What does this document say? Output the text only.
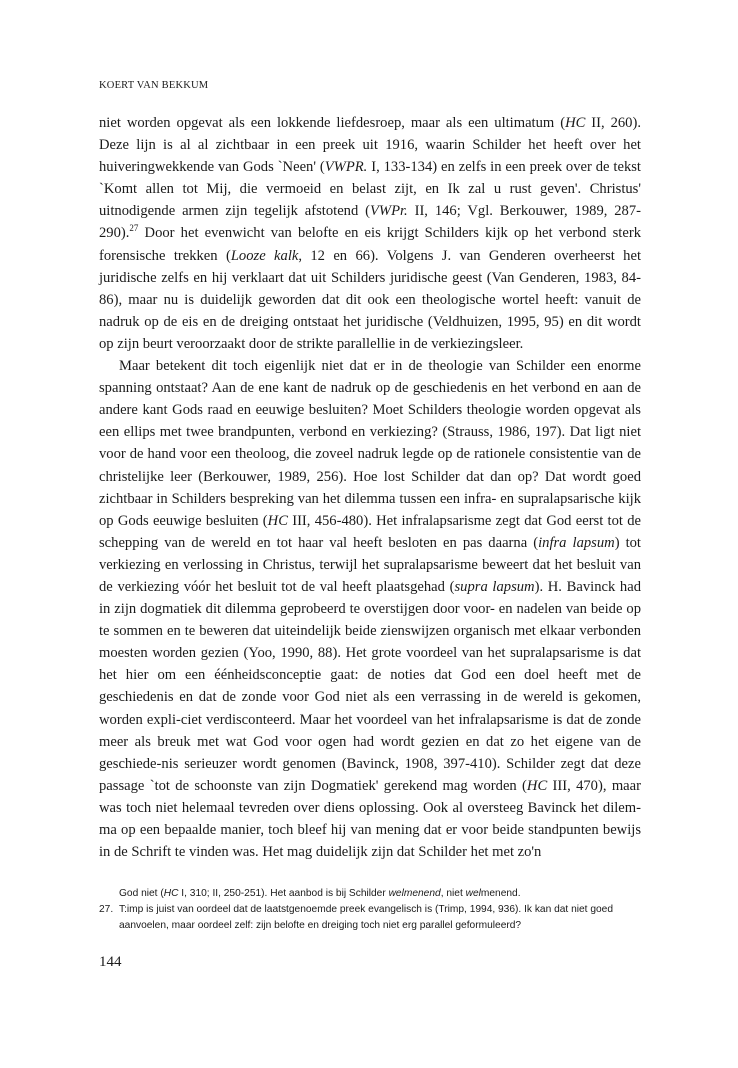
KOERT VAN BEKKUM

niet worden opgevat als een lokkende liefdesroep, maar als een ultimatum (HC II, 260). Deze lijn is al al zichtbaar in een preek uit 1916, waarin Schilder het heeft over het huiveringwekkende van Gods `Neen' (VWPR. I, 133-134) en zelfs in een preek over de tekst `Komt allen tot Mij, die vermoeid en belast zijt, en Ik zal u rust geven'. Christus' uitnodigende armen zijn tegelijk afstotend (VWPr. II, 146; Vgl. Berkouwer, 1989, 287-290).$^{27}$ Door het evenwicht van belofte en eis krijgt Schilders kijk op het verbond sterk forensische trekken (Looze kalk, 12 en 66). Volgens J. van Genderen overheerst het juridische zelfs en hij verklaart dat uit Schilders juridische geest (Van Genderen, 1983, 84-86), maar nu is duidelijk geworden dat dit ook een theologische wortel heeft: vanuit de nadruk op de eis en de dreiging ontstaat het juridische (Veldhuizen, 1995, 95) en dit wordt op zijn beurt veroorzaakt door de strikte parallellie in de verkiezingsleer.

Maar betekent dit toch eigenlijk niet dat er in de theologie van Schilder een enorme spanning ontstaat? Aan de ene kant de nadruk op de geschiedenis en het verbond en aan de andere kant Gods raad en eeuwige besluiten? Moet Schilders theologie worden opgevat als een ellips met twee brandpunten, verbond en verkiezing? (Strauss, 1986, 197). Dat ligt niet voor de hand voor een theoloog, die zoveel nadruk legde op de rationele consistentie van de christelijke leer (Berkouwer, 1989, 256). Hoe lost Schilder dat dan op? Dat wordt goed zichtbaar in Schilders bespreking van het dilemma tussen een infra- en supralapsarische kijk op Gods eeuwige besluiten (HC III, 456-480). Het infralapsarisme zegt dat God eerst tot de schepping van de wereld en tot haar val heeft besloten en pas daarna (infra lapsum) tot verkiezing en verlossing in Christus, terwijl het supralapsarisme beweert dat het besluit van de verkiezing vóór het besluit tot de val heeft plaatsgehad (supra lapsum). H. Bavinck had in zijn dogmatiek dit dilemma geprobeerd te overstijgen door voor- en nadelen van beide op te sommen en te beweren dat uiteindelijk beide zienswijzen organisch met elkaar verbonden moesten worden gezien (Yoo, 1990, 88). Het grote voordeel van het supralapsarisme is dat het hier om een éénheidsconceptie gaat: de noties dat God een doel heeft met de geschiedenis en dat de zonde voor God niet als een verrassing in de wereld is gekomen, worden expli-ciet verdisconteerd. Maar het voordeel van het infralapsarisme is dat de zonde meer als breuk met wat God voor ogen had wordt gezien en dat zo het eigene van de geschiede-nis serieuzer wordt genomen (Bavinck, 1908, 397-410). Schilder zegt dat deze passage `tot de schoonste van zijn Dogmatiek' gerekend mag worden (HC III, 470), maar was toch niet helemaal tevreden over diens oplossing. Ook al oversteeg Bavinck het dilem-ma op een bepaalde manier, toch bleef hij van mening dat er voor beide standpunten bewijs in de Schrift te vinden was. Het mag duidelijk zijn dat Schilder het met zo'n

God niet (HC I, 310; II, 250-251). Het aanbod is bij Schilder welmenend, niet welmenend.

27. T:imp is juist van oordeel dat de laatstgenoemde preek evangelisch is (Trimp, 1994, 936). Ik kan dat niet goed aanvoelen, maar oordeel zelf: zijn belofte en dreiging toch niet erg parallel geformuleerd?
144
